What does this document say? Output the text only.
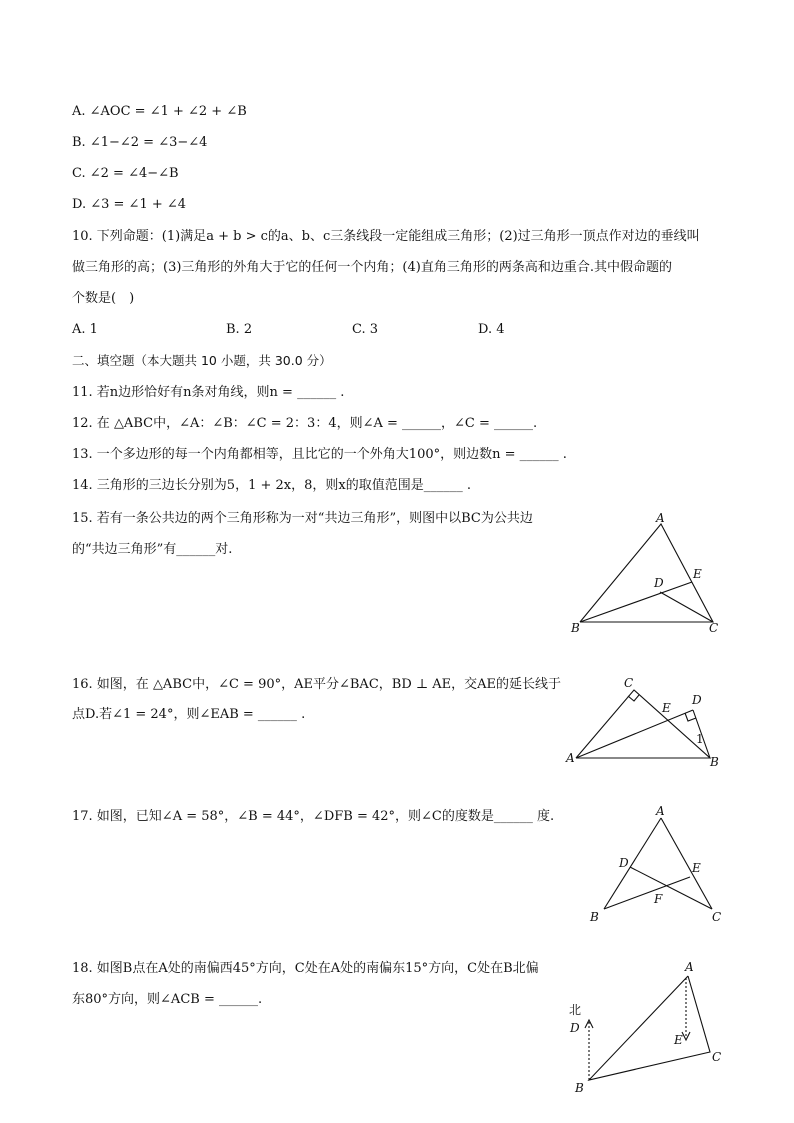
A. ∠AOC = ∠1 + ∠2 + ∠B
B. ∠1−∠2 = ∠3−∠4
C. ∠2 = ∠4−∠B
D. ∠3 = ∠1 + ∠4
10. 下列命题：(1)满足a + b > c的a、b、c三条线段一定能组成三角形；(2)过三角形一顶点作对边的垂线叫
做三角形的高；(3)三角形的外角大于它的任何一个内角；(4)直角三角形的两条高和边重合.其中假命题的
个数是(　)
A. 1	B. 2	C. 3	D. 4
二、填空题（本大题共 10 小题，共 30.0 分）
11. 若n边形恰好有n条对角线，则n = ______ .
12. 在 △ABC中，∠A：∠B：∠C = 2：3：4，则∠A = ______，∠C = ______.
13. 一个多边形的每一个内角都相等，且比它的一个外角大100°，则边数n = ______ .
14. 三角形的三边长分别为5，1 + 2x，8，则x的取值范围是______ .
15. 若有一条公共边的两个三角形称为一对“共边三角形”，则图中以BC为公共边
的“共边三角形”有______对.
A
B	C
D
E
16. 如图，在 △ABC中，∠C = 90°，AE平分∠BAC，BD ⊥ AE，交AE的延长线于
点D.若∠1 = 24°，则∠EAB = ______ .
C
A	B
D
E
1
17. 如图，已知∠A = 58°，∠B = 44°，∠DFB = 42°，则∠C的度数是______ 度.	A
B	C
D	E
F
18. 如图B点在A处的南偏西45°方向，C处在A处的南偏东15°方向，C处在B北偏
东80°方向，则∠ACB = ______.
A
B
C
D
E
北
